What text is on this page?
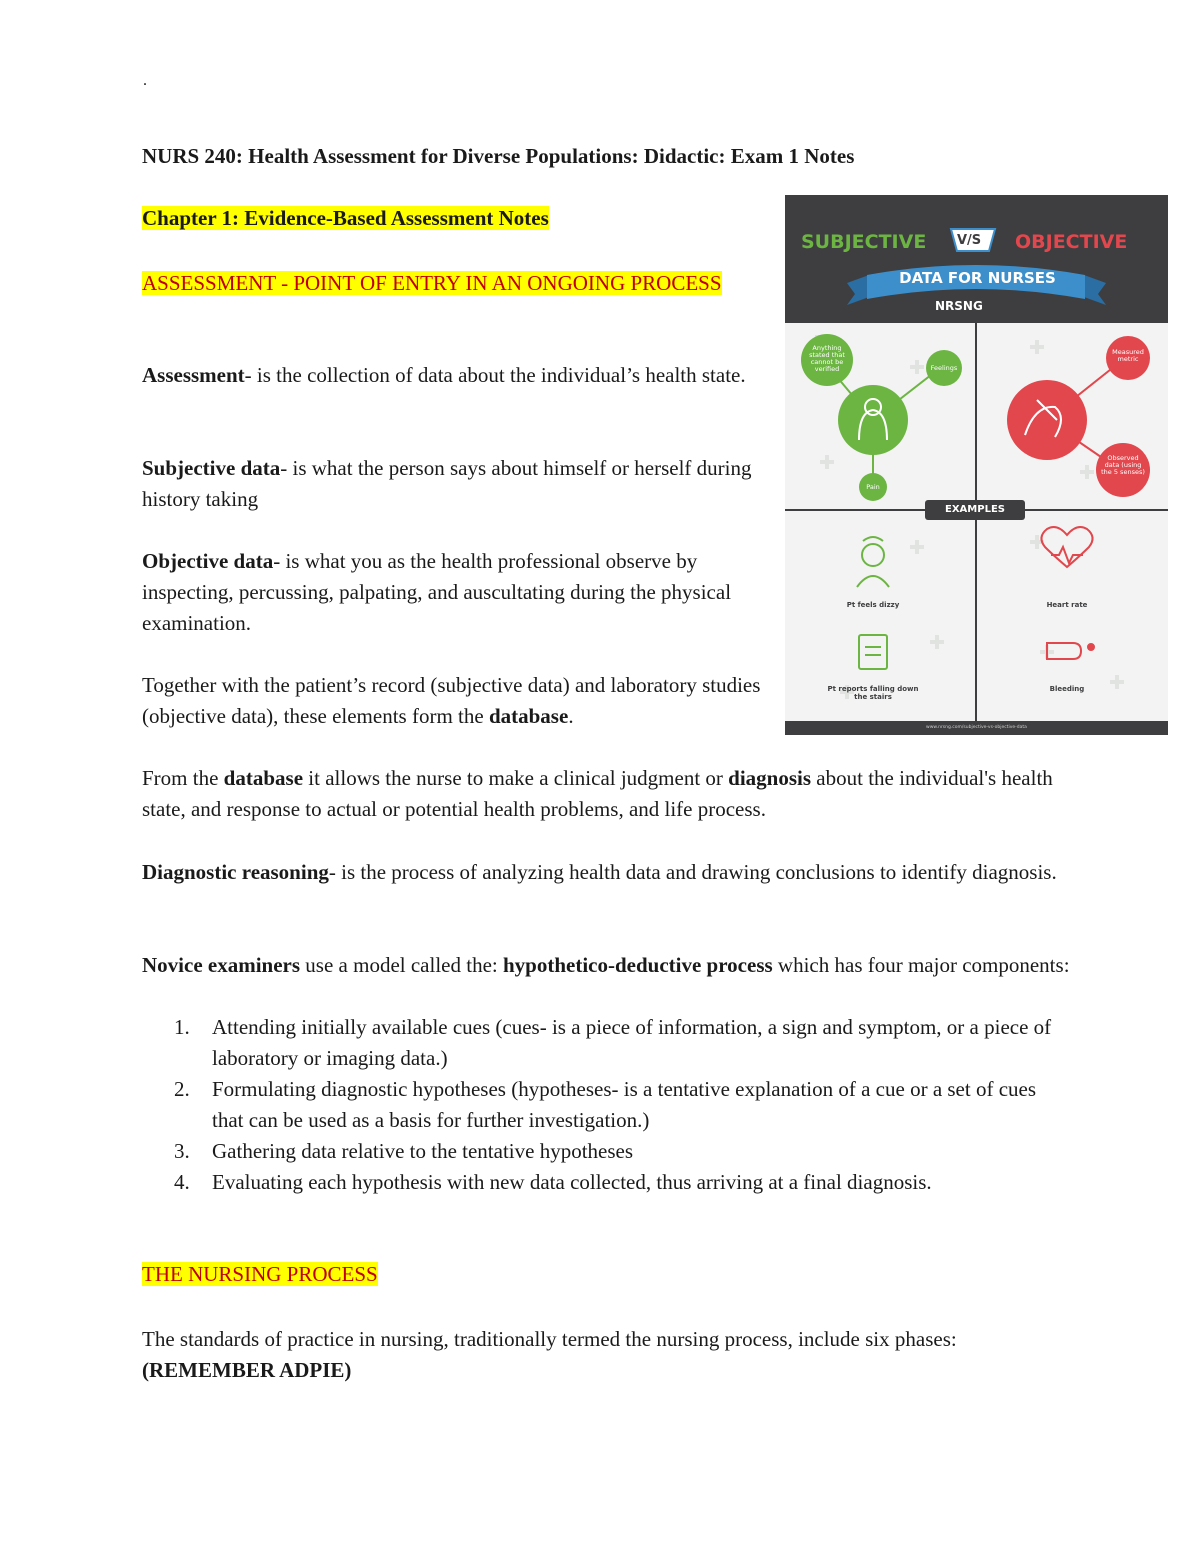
.
NURS 240: Health Assessment for Diverse Populations: Didactic: Exam 1 Notes
Chapter 1: Evidence-Based Assessment Notes
ASSESSMENT - POINT OF ENTRY IN AN ONGOING PROCESS
Assessment- is the collection of data about the individual’s health state.
Subjective data- is what the person says about himself or herself during history taking
Objective data- is what you as the health professional observe by inspecting, percussing, palpating, and auscultating during the physical examination.
Together with the patient’s record (subjective data) and laboratory studies (objective data), these elements form the database.
From the database it allows the nurse to make a clinical judgment or diagnosis about the individual's health state, and response to actual or potential health problems, and life process.
Diagnostic reasoning- is the process of analyzing health data and drawing conclusions to identify diagnosis.
Novice examiners use a model called the: hypothetico-deductive process which has four major components:
1. Attending initially available cues (cues- is a piece of information, a sign and symptom, or a piece of laboratory or imaging data.)
2. Formulating diagnostic hypotheses (hypotheses- is a tentative explanation of a cue or a set of cues that can be used as a basis for further investigation.)
3. Gathering data relative to the tentative hypotheses
4. Evaluating each hypothesis with new data collected, thus arriving at a final diagnosis.
THE NURSING PROCESS
The standards of practice in nursing, traditionally termed the nursing process, include six phases: (REMEMBER ADPIE)
SUBJECTIVE V/S OBJECTIVE
DATA FOR NURSES
NRSNG
Anything stated that cannot be verified	Feelings
Pain
Measured metric
Observed data (using the 5 senses)
EXAMPLES
Pt feels dizzy	Heart rate
Pt reports falling down the stairs
Bleeding
www.nrsng.com/subjective-vs-objective-data
